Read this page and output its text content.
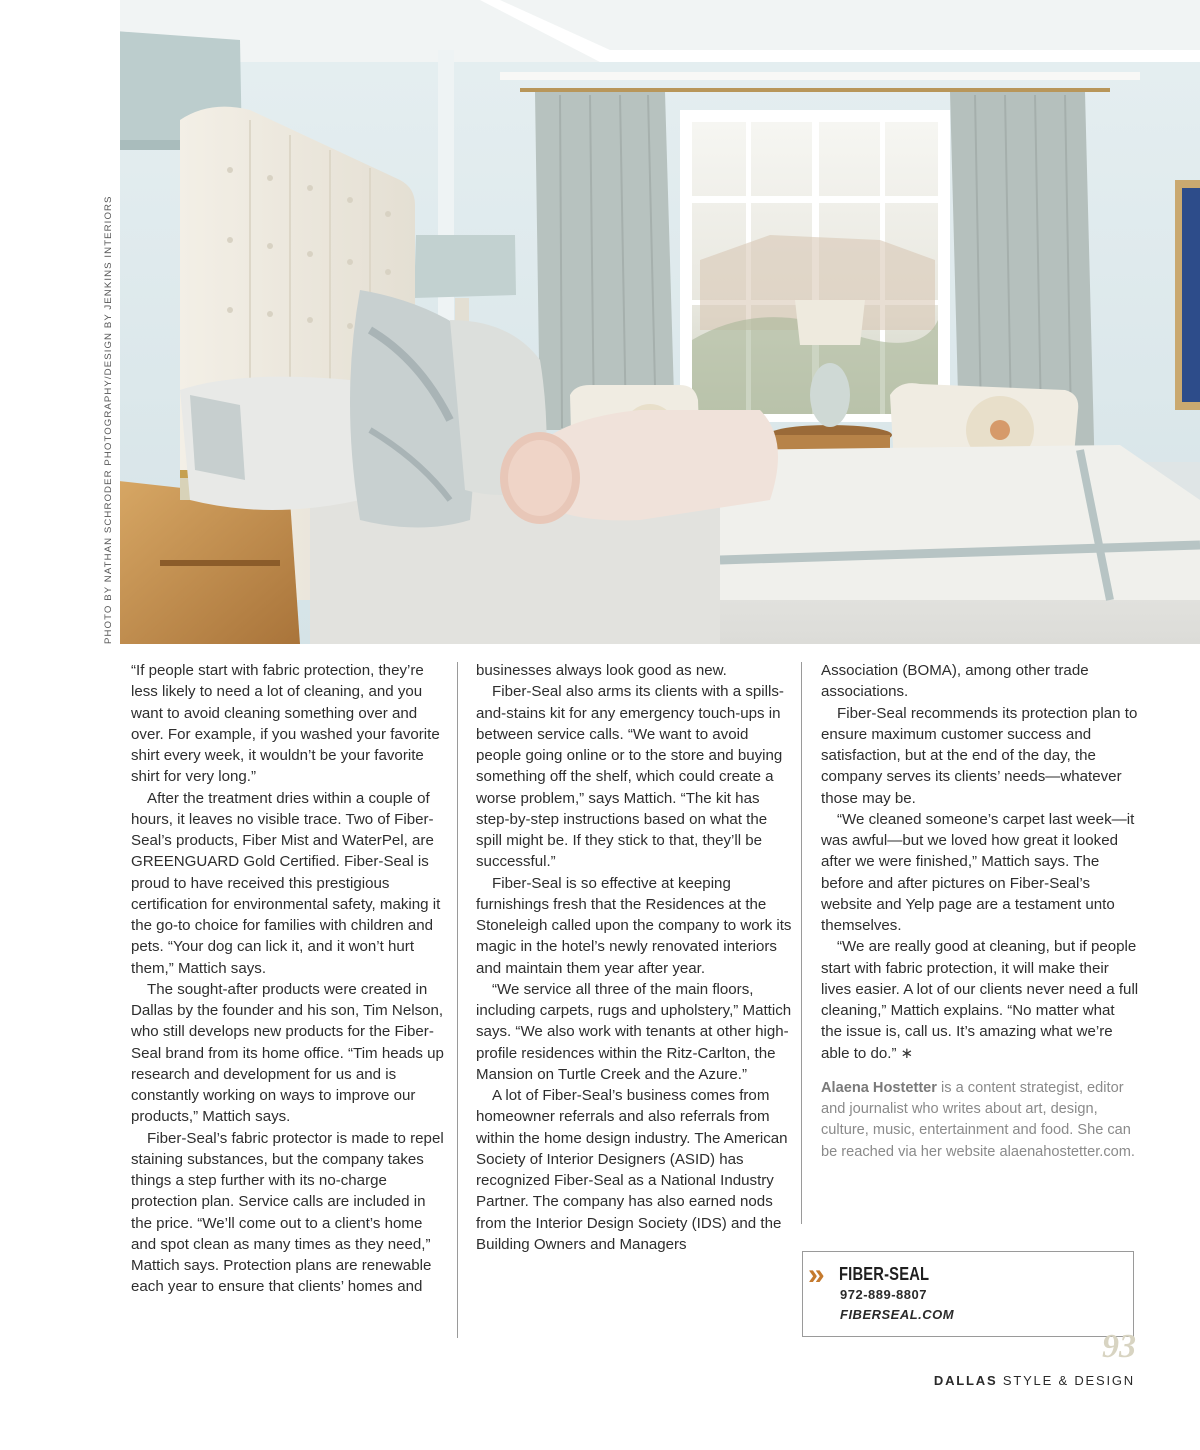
PHOTO BY NATHAN SCHRODER PHOTOGRAPHY/DESIGN BY JENKINS INTERIORS

“If people start with fabric protection, they’re less likely to need a lot of cleaning, and you want to avoid cleaning something over and over. For example, if you washed your favorite shirt every week, it wouldn’t be your favorite shirt for very long.”

After the treatment dries within a couple of hours, it leaves no visible trace. Two of Fiber-Seal’s products, Fiber Mist and WaterPel, are GREENGUARD Gold Certified. Fiber-Seal is proud to have received this prestigious certification for environmental safety, making it the go-to choice for families with children and pets. “Your dog can lick it, and it won’t hurt them,” Mattich says.

The sought-after products were created in Dallas by the founder and his son, Tim Nelson, who still develops new products for the Fiber-Seal brand from its home office. “Tim heads up research and development for us and is constantly working on ways to improve our products,” Mattich says.

Fiber-Seal’s fabric protector is made to repel staining substances, but the company takes things a step further with its no-charge protection plan. Service calls are included in the price. “We’ll come out to a client’s home and spot clean as many times as they need,” Mattich says. Protection plans are renewable each year to ensure that clients’ homes and

businesses always look good as new.

Fiber-Seal also arms its clients with a spills-and-stains kit for any emergency touch-ups in between service calls. “We want to avoid people going online or to the store and buying something off the shelf, which could create a worse problem,” says Mattich. “The kit has step-by-step instructions based on what the spill might be. If they stick to that, they’ll be successful.”

Fiber-Seal is so effective at keeping furnishings fresh that the Residences at the Stoneleigh called upon the company to work its magic in the hotel’s newly renovated interiors and maintain them year after year.

“We service all three of the main floors, including carpets, rugs and upholstery,” Mattich says. “We also work with tenants at other high-profile residences within the Ritz-Carlton, the Mansion on Turtle Creek and the Azure.”

A lot of Fiber-Seal’s business comes from homeowner referrals and also referrals from within the home design industry. The American Society of Interior Designers (ASID) has recognized Fiber-Seal as a National Industry Partner. The company has also earned nods from the Interior Design Society (IDS) and the Building Owners and Managers

Association (BOMA), among other trade associations.

Fiber-Seal recommends its protection plan to ensure maximum customer success and satisfaction, but at the end of the day, the company serves its clients’ needs—whatever those may be.

“We cleaned someone’s carpet last week—it was awful—but we loved how great it looked after we were finished,” Mattich says. The before and after pictures on Fiber-Seal’s website and Yelp page are a testament unto themselves.

“We are really good at cleaning, but if people start with fabric protection, it will make their lives easier. A lot of our clients never need a full cleaning,” Mattich explains. “No matter what the issue is, call us. It’s amazing what we’re able to do.” ∗

Alaena Hostetter is a content strategist, editor and journalist who writes about art, design, culture, music, entertainment and food. She can be reached via her website alaenahostetter.com.

» FIBER-SEAL
972-889-8807
FIBERSEAL.COM
93
DALLAS STYLE & DESIGN
